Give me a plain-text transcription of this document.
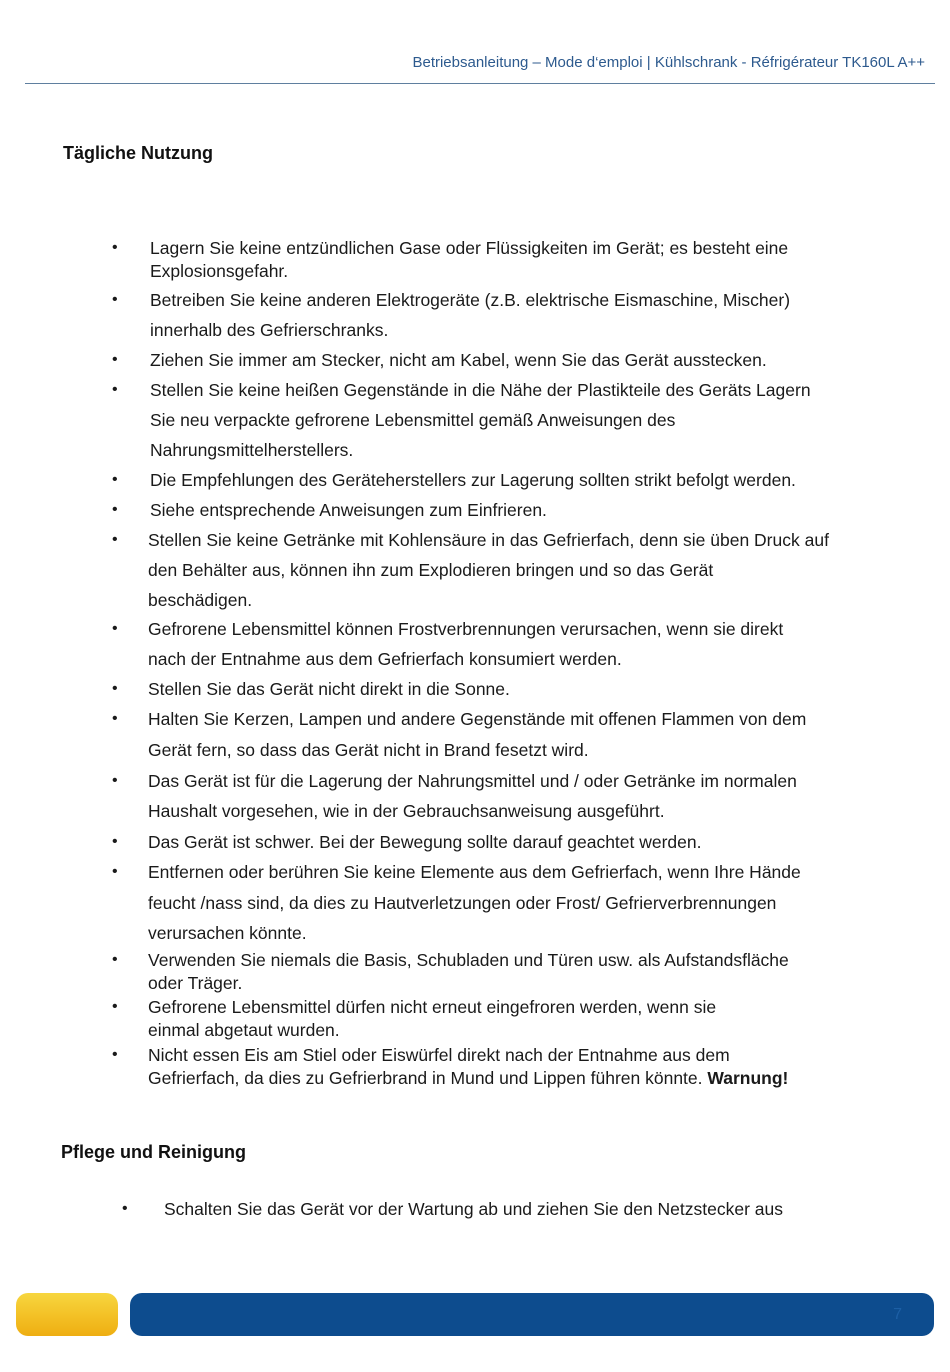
Betriebsanleitung – Mode d‘emploi | Kühlschrank - Réfrigérateur TK160L A++
Tägliche Nutzung
• Lagern Sie keine entzündlichen Gase oder Flüssigkeiten im Gerät; es besteht eine
Explosionsgefahr.
• Betreiben Sie keine anderen Elektrogeräte (z.B. elektrische Eismaschine, Mischer)
innerhalb des Gefrierschranks.
• Ziehen Sie immer am Stecker, nicht am Kabel, wenn Sie das Gerät ausstecken.
• Stellen Sie keine heißen Gegenstände in die Nähe der Plastikteile des Geräts Lagern
Sie neu verpackte gefrorene Lebensmittel gemäß Anweisungen des
Nahrungsmittelherstellers.
• Die Empfehlungen des Geräteherstellers zur Lagerung sollten strikt befolgt werden.
• Siehe entsprechende Anweisungen zum Einfrieren.
• Stellen Sie keine Getränke mit Kohlensäure in das Gefrierfach, denn sie üben Druck auf
den Behälter aus, können ihn zum Explodieren bringen und so das Gerät
beschädigen.
• Gefrorene Lebensmittel können Frostverbrennungen verursachen, wenn sie direkt
nach der Entnahme aus dem Gefrierfach konsumiert werden.
• Stellen Sie das Gerät nicht direkt in die Sonne.
• Halten Sie Kerzen, Lampen und andere Gegenstände mit offenen Flammen von dem
Gerät fern, so dass das Gerät nicht in Brand fesetzt wird.
• Das Gerät ist für die Lagerung der Nahrungsmittel und / oder Getränke im normalen
Haushalt vorgesehen, wie in der Gebrauchsanweisung ausgeführt.
• Das Gerät ist schwer. Bei der Bewegung sollte darauf geachtet werden.
• Entfernen oder berühren Sie keine Elemente aus dem Gefrierfach, wenn Ihre Hände
feucht /nass sind, da dies zu Hautverletzungen oder Frost/ Gefrierverbrennungen
verursachen könnte.
• Verwenden Sie niemals die Basis, Schubladen und Türen usw. als Aufstandsfläche
oder Träger.
• Gefrorene Lebensmittel dürfen nicht erneut eingefroren werden, wenn sie
einmal abgetaut wurden.
• Nicht essen Eis am Stiel oder Eiswürfel direkt nach der Entnahme aus dem
Gefrierfach, da dies zu Gefrierbrand in Mund und Lippen führen könnte. Warnung!
Pflege und Reinigung
• Schalten Sie das Gerät vor der Wartung ab und ziehen Sie den Netzstecker aus
7
